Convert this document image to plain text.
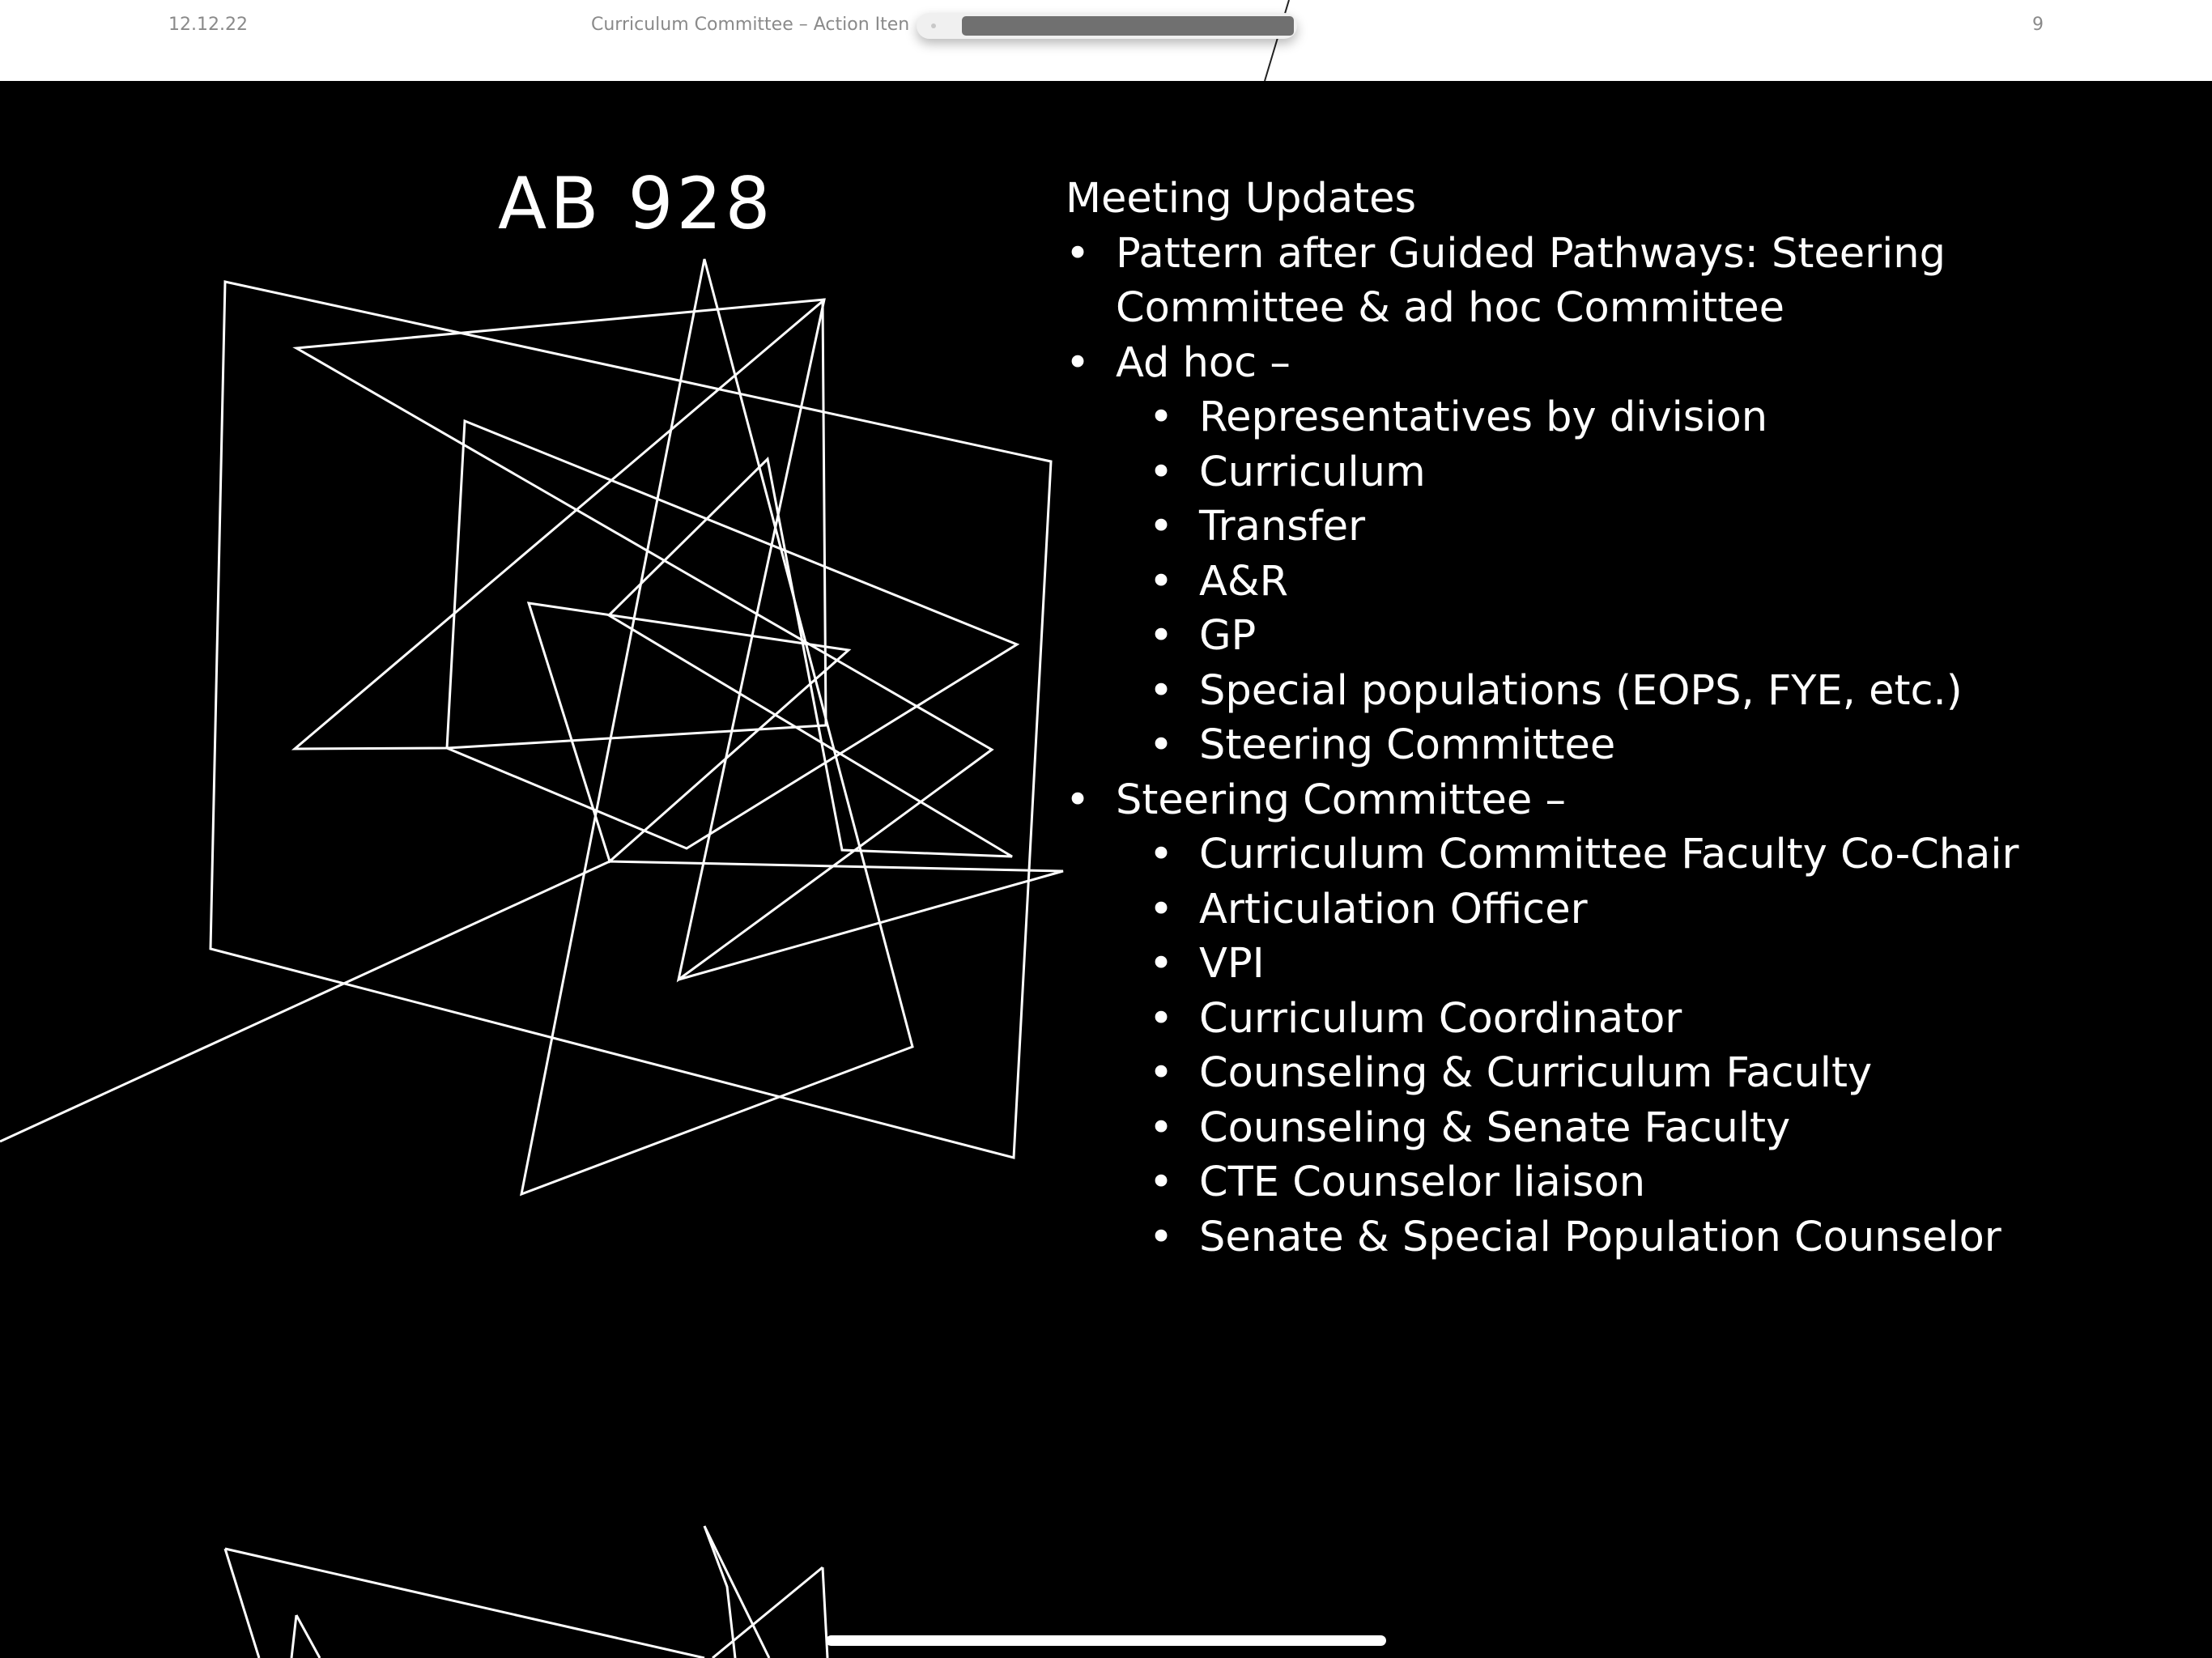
12.12.22	Curriculum Committee – Action Iten	9
AB 928	Meeting Updates

• Pattern after Guided Pathways: Steering Committee & ad hoc Committee
• Ad hoc –
• Representatives by division
• Curriculum
• Transfer
• A&R
• GP
• Special populations (EOPS, FYE, etc.)
• Steering Committee
• Steering Committee –
• Curriculum Committee Faculty Co-Chair
• Articulation Officer
• VPI
• Curriculum Coordinator
• Counseling & Curriculum Faculty
• Counseling & Senate Faculty
• CTE Counselor liaison
• Senate & Special Population Counselor
